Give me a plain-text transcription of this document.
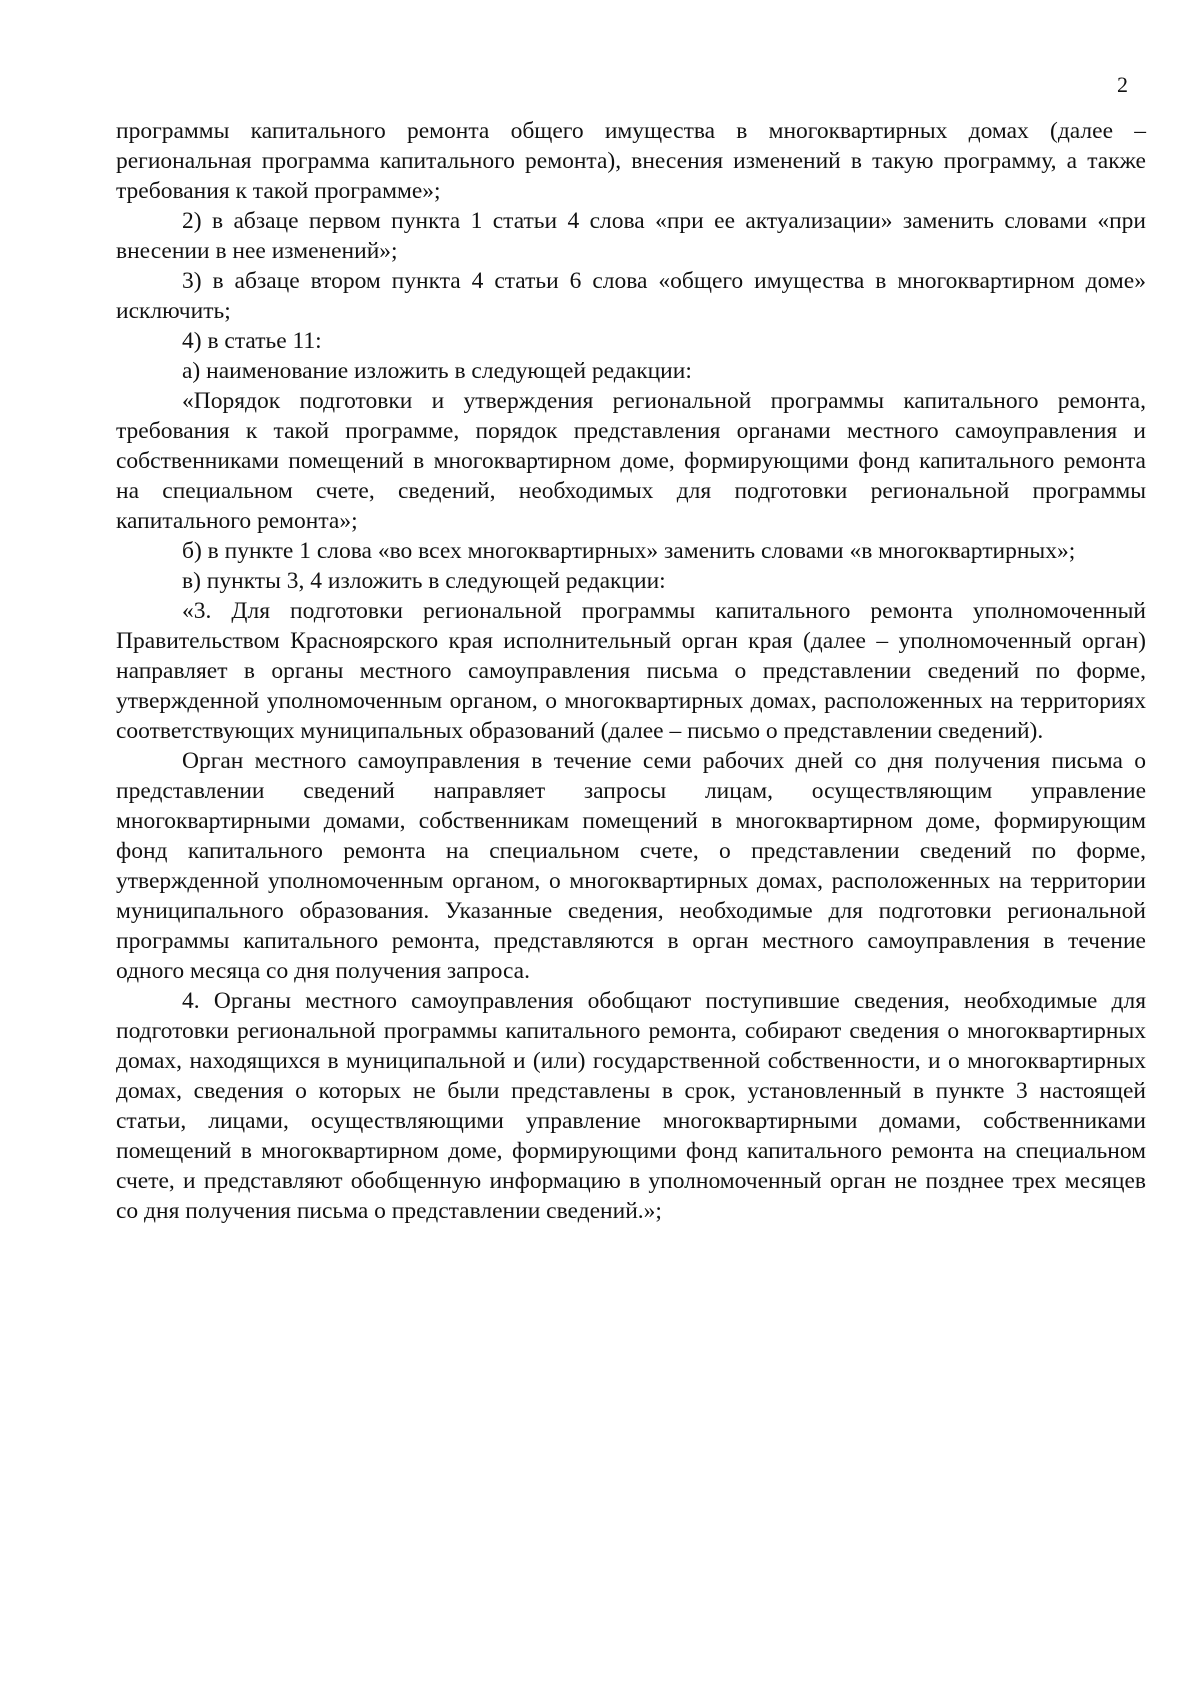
2

программы капитального ремонта общего имущества в многоквартирных домах (далее – региональная программа капитального ремонта), внесения изменений в такую программу, а также требования к такой программе»;

2) в абзаце первом пункта 1 статьи 4 слова «при ее актуализации» заменить словами «при внесении в нее изменений»;

3) в абзаце втором пункта 4 статьи 6 слова «общего имущества в многоквартирном доме» исключить;

4) в статье 11:

а) наименование изложить в следующей редакции:

«Порядок подготовки и утверждения региональной программы капитального ремонта, требования к такой программе, порядок представления органами местного самоуправления и собственниками помещений в многоквартирном доме, формирующими фонд капитального ремонта на специальном счете, сведений, необходимых для подготовки региональной программы капитального ремонта»;

б) в пункте 1 слова «во всех многоквартирных» заменить словами «в многоквартирных»;

в) пункты 3, 4 изложить в следующей редакции:

«3. Для подготовки региональной программы капитального ремонта уполномоченный Правительством Красноярского края исполнительный орган края (далее – уполномоченный орган) направляет в органы местного самоуправления письма о представлении сведений по форме, утвержденной уполномоченным органом, о многоквартирных домах, расположенных на территориях соответствующих муниципальных образований (далее – письмо о представлении сведений).

Орган местного самоуправления в течение семи рабочих дней со дня получения письма о представлении сведений направляет запросы лицам, осуществляющим управление многоквартирными домами, собственникам помещений в многоквартирном доме, формирующим фонд капитального ремонта на специальном счете, о представлении сведений по форме, утвержденной уполномоченным органом, о многоквартирных домах, расположенных на территории муниципального образования. Указанные сведения, необходимые для подготовки региональной программы капитального ремонта, представляются в орган местного самоуправления в течение одного месяца со дня получения запроса.

4. Органы местного самоуправления обобщают поступившие сведения, необходимые для подготовки региональной программы капитального ремонта, собирают сведения о многоквартирных домах, находящихся в муниципальной и (или) государственной собственности, и о многоквартирных домах, сведения о которых не были представлены в срок, установленный в пункте 3 настоящей статьи, лицами, осуществляющими управление многоквартирными домами, собственниками помещений в многоквартирном доме, формирующими фонд капитального ремонта на специальном счете, и представляют обобщенную информацию в уполномоченный орган не позднее трех месяцев со дня получения письма о представлении сведений.»;
